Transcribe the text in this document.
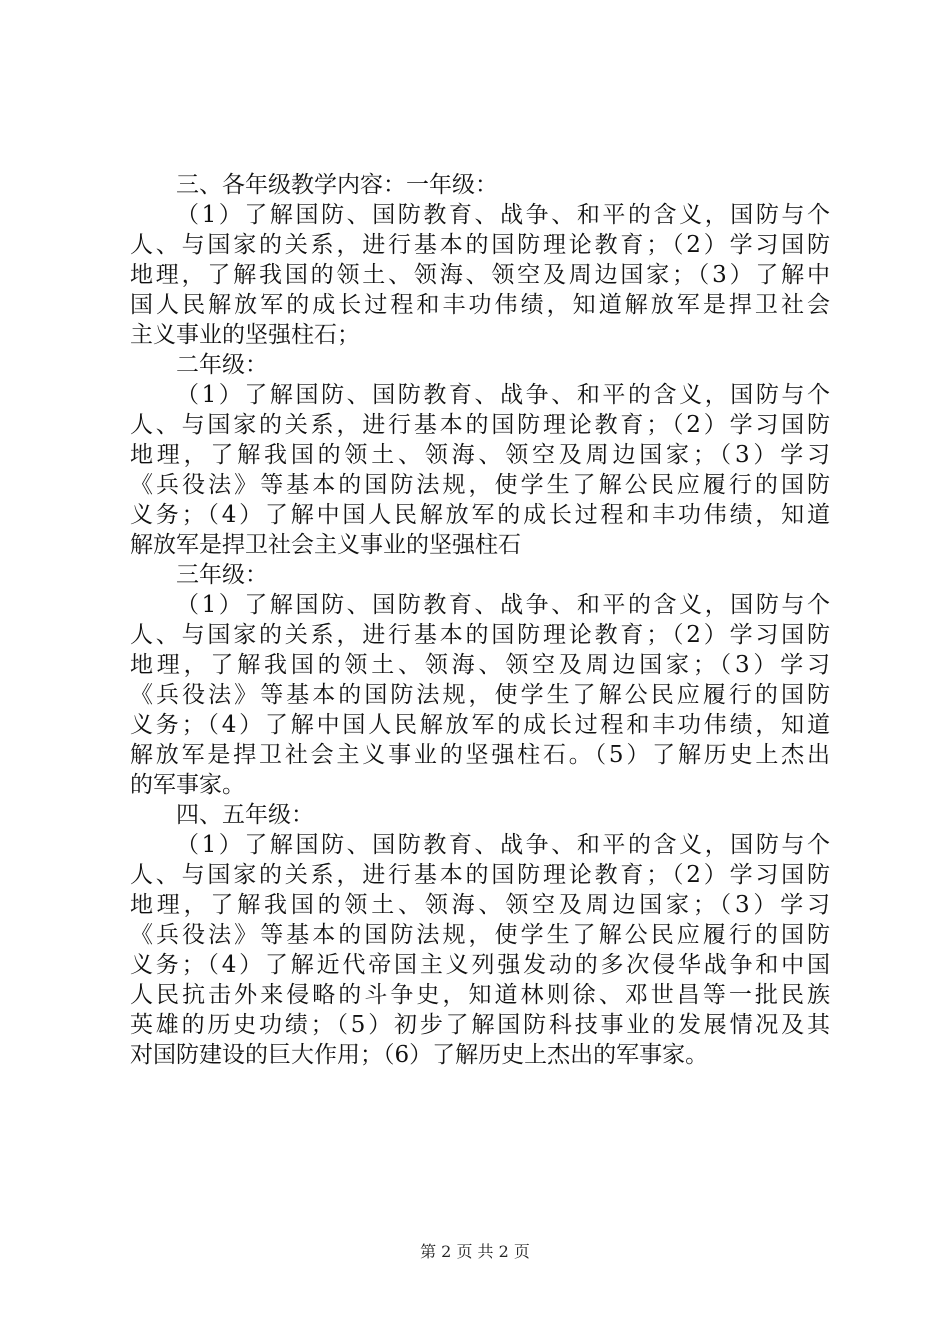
三、各年级教学内容：一年级：
（1）了解国防、国防教育、战争、和平的含义，国防与个
人、与国家的关系，进行基本的国防理论教育；（2）学习国防
地理，了解我国的领土、领海、领空及周边国家；（3）了解中
国人民解放军的成长过程和丰功伟绩，知道解放军是捍卫社会
主义事业的坚强柱石；
二年级：
（1）了解国防、国防教育、战争、和平的含义，国防与个
人、与国家的关系，进行基本的国防理论教育；（2）学习国防
地理，了解我国的领土、领海、领空及周边国家；（3）学习
《兵役法》等基本的国防法规，使学生了解公民应履行的国防
义务；（4）了解中国人民解放军的成长过程和丰功伟绩，知道
解放军是捍卫社会主义事业的坚强柱石
三年级：
（1）了解国防、国防教育、战争、和平的含义，国防与个
人、与国家的关系，进行基本的国防理论教育；（2）学习国防
地理，了解我国的领土、领海、领空及周边国家；（3）学习
《兵役法》等基本的国防法规，使学生了解公民应履行的国防
义务；（4）了解中国人民解放军的成长过程和丰功伟绩，知道
解放军是捍卫社会主义事业的坚强柱石。（5）了解历史上杰出
的军事家。
四、五年级：
（1）了解国防、国防教育、战争、和平的含义，国防与个
人、与国家的关系，进行基本的国防理论教育；（2）学习国防
地理，了解我国的领土、领海、领空及周边国家；（3）学习
《兵役法》等基本的国防法规，使学生了解公民应履行的国防
义务；（4）了解近代帝国主义列强发动的多次侵华战争和中国
人民抗击外来侵略的斗争史，知道林则徐、邓世昌等一批民族
英雄的历史功绩；（5）初步了解国防科技事业的发展情况及其
对国防建设的巨大作用；（6）了解历史上杰出的军事家。
第 2 页 共 2 页
